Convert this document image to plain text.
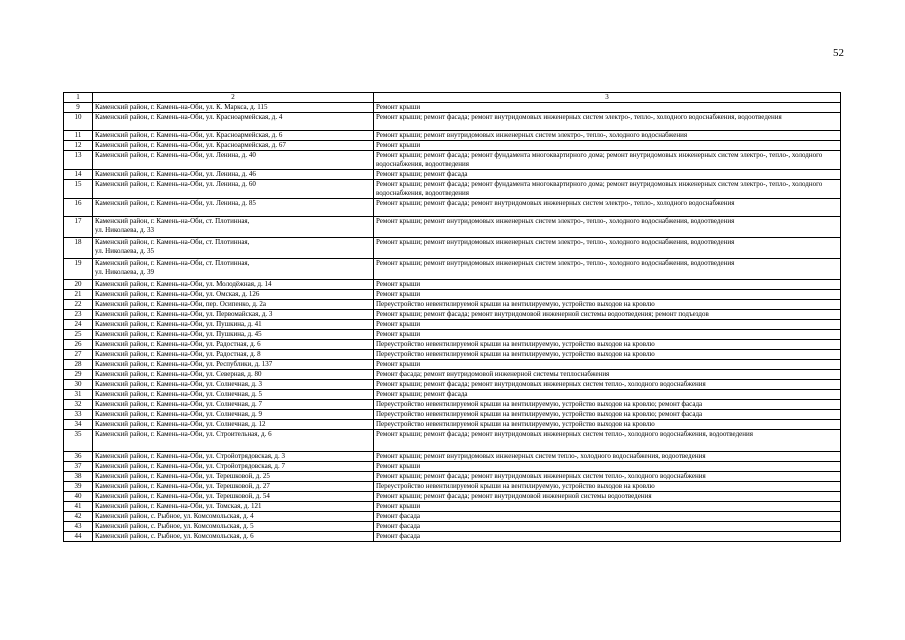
52
1	2	3
9	Каменский район, г. Камень-на-Оби, ул. К. Маркса, д. 115	Ремонт крыши
10	Каменский район, г. Камень-на-Оби, ул. Красноармейская, д. 4	Ремонт крыши; ремонт фасада; ремонт внутридомовых инженерных систем электро-, тепло-, холодного водоснабжения, водоотведения
11	Каменский район, г. Камень-на-Оби, ул. Красноармейская, д. 6	Ремонт крыши; ремонт внутридомовых инженерных систем электро-, тепло-, холодного водоснабжения
12	Каменский район, г. Камень-на-Оби, ул. Красноармейская, д. 67	Ремонт крыши
13	Каменский район, г. Камень-на-Оби, ул. Ленина, д. 40	Ремонт крыши; ремонт фасада; ремонт фундамента многоквартирного дома; ремонт внутридомовых инженерных систем электро-, тепло-, холодного водоснабжения, водоотведения
14	Каменский район, г. Камень-на-Оби, ул. Ленина, д. 46	Ремонт крыши; ремонт фасада
15	Каменский район, г. Камень-на-Оби, ул. Ленина, д. 60	Ремонт крыши; ремонт фасада; ремонт фундамента многоквартирного дома; ремонт внутридомовых инженерных систем электро-, тепло-, холодного водоснабжения, водоотведения
16	Каменский район, г. Камень-на-Оби, ул. Ленина, д. 85	Ремонт крыши; ремонт фасада; ремонт внутридомовых инженерных систем электро-, тепло-, холодного водоснабжения
17	Каменский район, г. Камень-на-Оби, ст. Плотинная,
ул. Николаева, д. 33	Ремонт крыши; ремонт внутридомовых инженерных систем электро-, тепло-, холодного водоснабжения, водоотведения
18	Каменский район, г. Камень-на-Оби, ст. Плотинная,
ул. Николаева, д. 35	Ремонт крыши; ремонт внутридомовых инженерных систем электро-, тепло-, холодного водоснабжения, водоотведения
19	Каменский район, г. Камень-на-Оби, ст. Плотинная,
ул. Николаева, д. 39	Ремонт крыши; ремонт внутридомовых инженерных систем электро-, тепло-, холодного водоснабжения, водоотведения
20	Каменский район, г. Камень-на-Оби, ул. Молодёжная, д. 14	Ремонт крыши
21	Каменский район, г. Камень-на-Оби, ул. Омская, д. 126	Ремонт крыши
22	Каменский район, г. Камень-на-Оби, пер. Осипенко, д. 2а	Переустройство невентилируемой крыши на вентилируемую, устройство выходов на кровлю
23	Каменский район, г. Камень-на-Оби, ул. Первомайская, д. 3	Ремонт крыши; ремонт фасада; ремонт внутридомовой инженерной системы водоотведения; ремонт подъездов
24	Каменский район, г. Камень-на-Оби, ул. Пушкина, д. 41	Ремонт крыши
25	Каменский район, г. Камень-на-Оби, ул. Пушкина, д. 45	Ремонт крыши
26	Каменский район, г. Камень-на-Оби, ул. Радостная, д. 6	Переустройство невентилируемой крыши на вентилируемую, устройство выходов на кровлю
27	Каменский район, г. Камень-на-Оби, ул. Радостная, д. 8	Переустройство невентилируемой крыши на вентилируемую, устройство выходов на кровлю
28	Каменский район, г. Камень-на-Оби, ул. Республики, д. 137	Ремонт крыши
29	Каменский район, г. Камень-на-Оби, ул. Северная, д. 80	Ремонт фасада; ремонт внутридомовой инженерной системы теплоснабжения
30	Каменский район, г. Камень-на-Оби, ул. Солнечная, д. 3	Ремонт крыши; ремонт фасада; ремонт внутридомовых инженерных систем тепло-, холодного водоснабжения
31	Каменский район, г. Камень-на-Оби, ул. Солнечная, д. 5	Ремонт крыши; ремонт фасада
32	Каменский район, г. Камень-на-Оби, ул. Солнечная, д. 7	Переустройство невентилируемой крыши на вентилируемую, устройство выходов на кровлю; ремонт фасада
33	Каменский район, г. Камень-на-Оби, ул. Солнечная, д. 9	Переустройство невентилируемой крыши на вентилируемую, устройство выходов на кровлю; ремонт фасада
34	Каменский район, г. Камень-на-Оби, ул. Солнечная, д. 12	Переустройство невентилируемой крыши на вентилируемую, устройство выходов на кровлю
35	Каменский район, г. Камень-на-Оби, ул. Строительная, д. 6	Ремонт крыши; ремонт фасада; ремонт внутридомовых инженерных систем тепло-, холодного водоснабжения, водоотведения
36	Каменский район, г. Камень-на-Оби, ул. Стройотрядовская, д. 3	Ремонт крыши; ремонт внутридомовых инженерных систем тепло-, холодного водоснабжения, водоотведения
37	Каменский район, г. Камень-на-Оби, ул. Стройотрядовская, д. 7	Ремонт крыши
38	Каменский район, г. Камень-на-Оби, ул. Терешковой, д. 25	Ремонт крыши; ремонт фасада; ремонт внутридомовых инженерных систем тепло-, холодного водоснабжения
39	Каменский район, г. Камень-на-Оби, ул. Терешковой, д. 27	Переустройство невентилируемой крыши на вентилируемую, устройство выходов на кровлю
40	Каменский район, г. Камень-на-Оби, ул. Терешковой, д. 54	Ремонт крыши; ремонт фасада; ремонт внутридомовой инженерной системы водоотведения
41	Каменский район, г. Камень-на-Оби, ул. Томская, д. 121	Ремонт крыши
42	Каменский район, с. Рыбное, ул. Комсомольская, д. 4	Ремонт фасада
43	Каменский район, с. Рыбное, ул. Комсомольская, д. 5	Ремонт фасада
44	Каменский район, с. Рыбное, ул. Комсомольская, д. 6	Ремонт фасада
